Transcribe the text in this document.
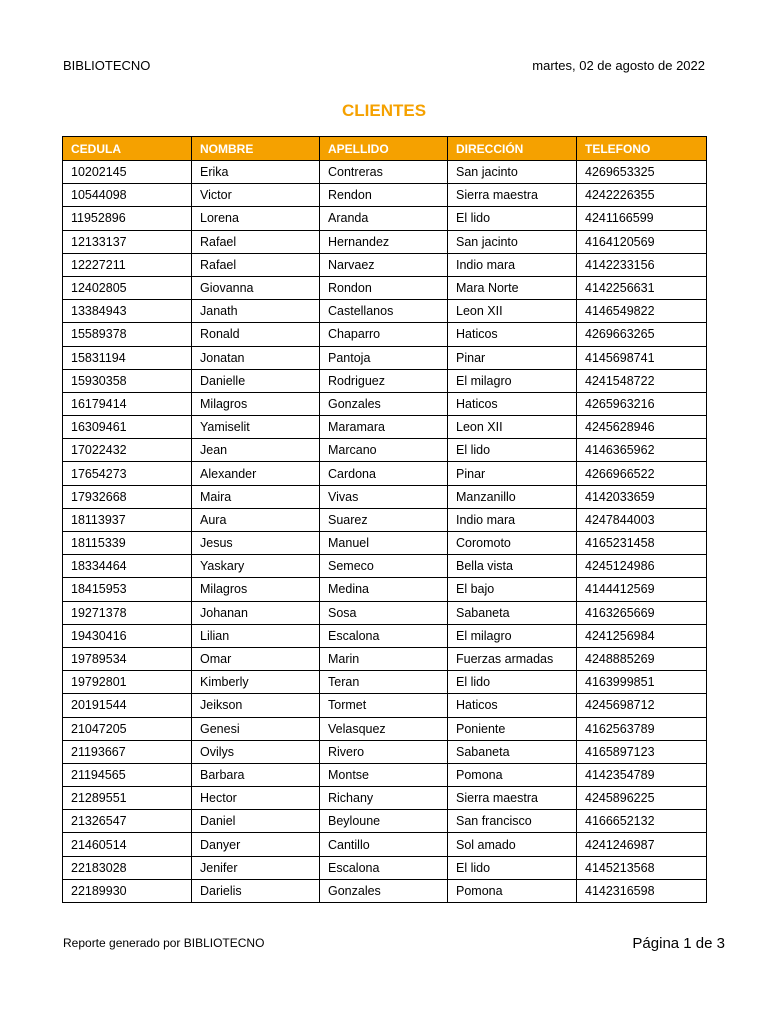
BIBLIOTECNO	martes, 02 de agosto de 2022
CLIENTES
CEDULA	NOMBRE	APELLIDO	DIRECCIÓN	TELEFONO
10202145	Erika	Contreras	San jacinto	4269653325
10544098	Victor	Rendon	Sierra maestra	4242226355
11952896	Lorena	Aranda	El lido	4241166599
12133137	Rafael	Hernandez	San jacinto	4164120569
12227211	Rafael	Narvaez	Indio mara	4142233156
12402805	Giovanna	Rondon	Mara Norte	4142256631
13384943	Janath	Castellanos	Leon XII	4146549822
15589378	Ronald	Chaparro	Haticos	4269663265
15831194	Jonatan	Pantoja	Pinar	4145698741
15930358	Danielle	Rodriguez	El milagro	4241548722
16179414	Milagros	Gonzales	Haticos	4265963216
16309461	Yamiselit	Maramara	Leon XII	4245628946
17022432	Jean	Marcano	El lido	4146365962
17654273	Alexander	Cardona	Pinar	4266966522
17932668	Maira	Vivas	Manzanillo	4142033659
18113937	Aura	Suarez	Indio mara	4247844003
18115339	Jesus	Manuel	Coromoto	4165231458
18334464	Yaskary	Semeco	Bella vista	4245124986
18415953	Milagros	Medina	El bajo	4144412569
19271378	Johanan	Sosa	Sabaneta	4163265669
19430416	Lilian	Escalona	El milagro	4241256984
19789534	Omar	Marin	Fuerzas armadas	4248885269
19792801	Kimberly	Teran	El lido	4163999851
20191544	Jeikson	Tormet	Haticos	4245698712
21047205	Genesi	Velasquez	Poniente	4162563789
21193667	Ovilys	Rivero	Sabaneta	4165897123
21194565	Barbara	Montse	Pomona	4142354789
21289551	Hector	Richany	Sierra maestra	4245896225
21326547	Daniel	Beyloune	San francisco	4166652132
21460514	Danyer	Cantillo	Sol amado	4241246987
22183028	Jenifer	Escalona	El lido	4145213568
22189930	Darielis	Gonzales	Pomona	4142316598
Reporte generado por BIBLIOTECNO	Página 1 de 3
